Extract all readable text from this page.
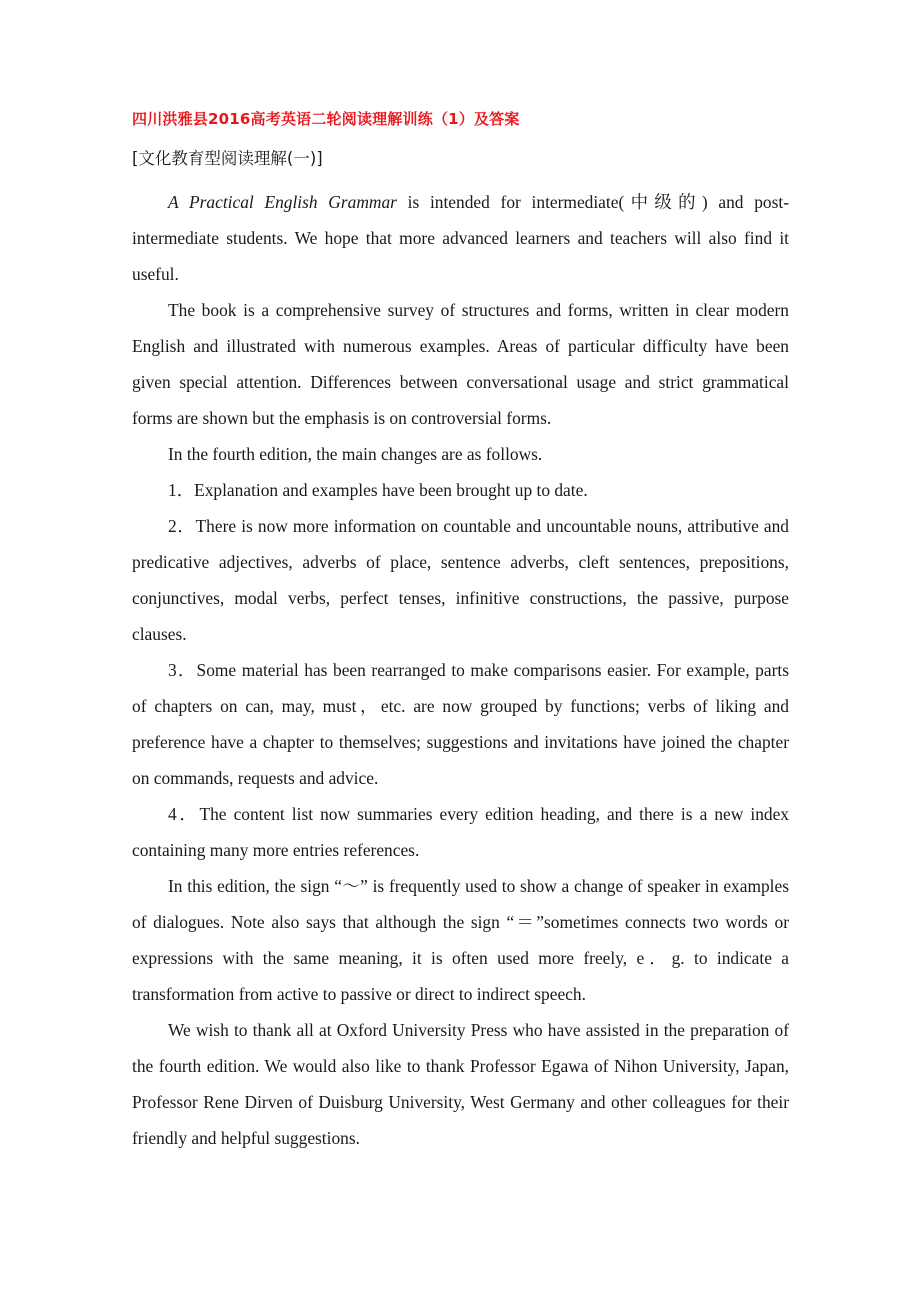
四川洪雅县2016高考英语二轮阅读理解训练（1）及答案
[文化教育型阅读理解(一)]

A Practical English Grammar is intended for intermediate(中级的) and post-intermediate students. We hope that more advanced learners and teachers will also find it useful.

The book is a comprehensive survey of structures and forms, written in clear modern English and illustrated with numerous examples. Areas of particular difficulty have been given special attention. Differences between conversational usage and strict grammatical forms are shown but the emphasis is on controversial forms.

In the fourth edition, the main changes are as follows.

1．Explanation and examples have been brought up to date.

2．There is now more information on countable and uncountable nouns, attributive and predicative adjectives, adverbs of place, sentence adverbs, cleft sentences, prepositions, conjunctives, modal verbs, perfect tenses, infinitive constructions, the passive, purpose clauses.

3．Some material has been rearranged to make comparisons easier. For example, parts of chapters on can, may, must，etc. are now grouped by functions; verbs of liking and preference have a chapter to themselves; suggestions and invitations have joined the chapter on commands, requests and advice.

4．The content list now summaries every edition heading, and there is a new index containing many more entries references.

In this edition, the sign “～” is frequently used to show a change of speaker in examples of dialogues. Note also says that although the sign “＝”sometimes connects two words or expressions with the same meaning, it is often used more freely, e．g. to indicate a transformation from active to passive or direct to indirect speech.

We wish to thank all at Oxford University Press who have assisted in the preparation of the fourth edition. We would also like to thank Professor Egawa of Nihon University, Japan, Professor Rene Dirven of Duisburg University, West Germany and other colleagues for their friendly and helpful suggestions.
